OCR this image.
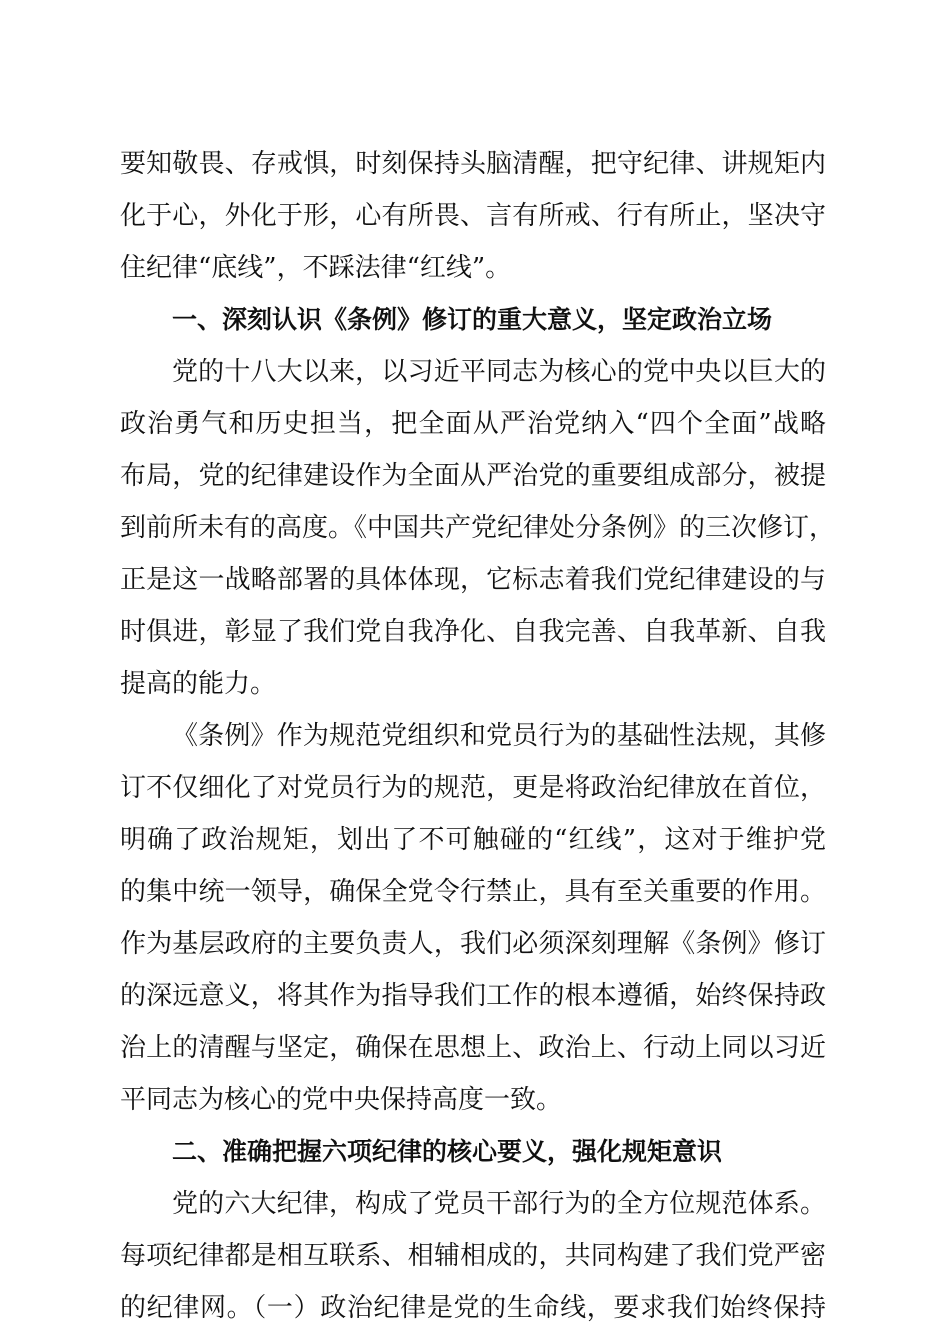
要知敬畏、存戒惧，时刻保持头脑清醒，把守纪律、讲规矩内
化于心，外化于形，心有所畏、言有所戒、行有所止，坚决守
住纪律“底线”，不踩法律“红线”。
一、深刻认识《条例》修订的重大意义，坚定政治立场
党的十八大以来，以习近平同志为核心的党中央以巨大的
政治勇气和历史担当，把全面从严治党纳入“四个全面”战略
布局，党的纪律建设作为全面从严治党的重要组成部分，被提
到前所未有的高度。《中国共产党纪律处分条例》的三次修订，
正是这一战略部署的具体体现，它标志着我们党纪律建设的与
时俱进，彰显了我们党自我净化、自我完善、自我革新、自我
提高的能力。
《条例》作为规范党组织和党员行为的基础性法规，其修
订不仅细化了对党员行为的规范，更是将政治纪律放在首位，
明确了政治规矩，划出了不可触碰的“红线”，这对于维护党
的集中统一领导，确保全党令行禁止，具有至关重要的作用。
作为基层政府的主要负责人，我们必须深刻理解《条例》修订
的深远意义，将其作为指导我们工作的根本遵循，始终保持政
治上的清醒与坚定，确保在思想上、政治上、行动上同以习近
平同志为核心的党中央保持高度一致。
二、准确把握六项纪律的核心要义，强化规矩意识
党的六大纪律，构成了党员干部行为的全方位规范体系。
每项纪律都是相互联系、相辅相成的，共同构建了我们党严密
的纪律网。（一）政治纪律是党的生命线，要求我们始终保持
